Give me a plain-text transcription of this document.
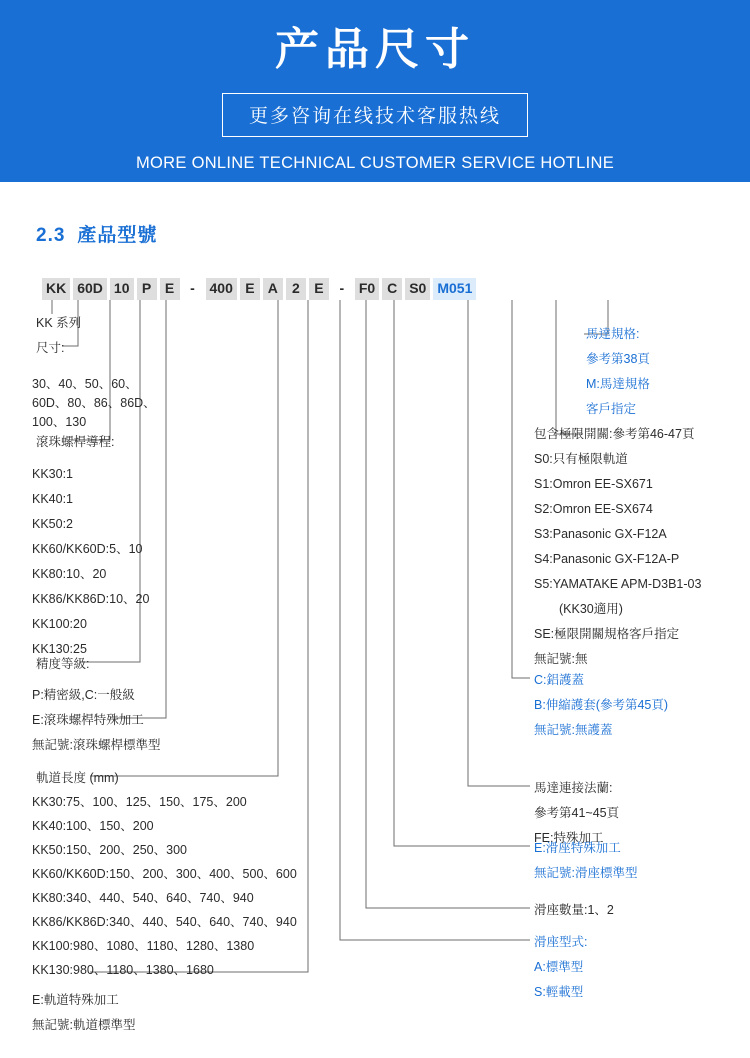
产品尺寸
更多咨询在线技术客服热线
MORE ONLINE TECHNICAL CUSTOMER SERVICE HOTLINE
2.3 產品型號
KK 60D 10 P E	-	400 E A	2	E	-	F0 C S0 M051
KK 系列
尺寸:
30、40、50、60、
60D、80、86、86D、
100、130
滾珠螺桿導程:
KK30:1
KK40:1
KK50:2
KK60/KK60D:5、10
KK80:10、20
KK86/KK86D:10、20
KK100:20
KK130:25
精度等級:
P:精密級,C:一般級
E:滾珠螺桿特殊加工
無記號:滾珠螺桿標準型
軌道長度 (mm)
KK30:75、100、125、150、175、200
KK40:100、150、200
KK50:150、200、250、300
KK60/KK60D:150、200、300、400、500、600
KK80:340、440、540、640、740、940
KK86/KK86D:340、440、540、640、740、940
KK100:980、1080、1180、1280、1380
KK130:980、1180、1380、1680
E:軌道特殊加工
無記號:軌道標準型
馬達規格:
參考第38頁
M:馬達規格
客戶指定
包含極限開關:參考第46-47頁
S0:只有極限軌道
S1:Omron EE-SX671
S2:Omron EE-SX674
S3:Panasonic GX-F12A
S4:Panasonic GX-F12A-P
S5:YAMATAKE APM-D3B1-03
　　(KK30適用)
SE:極限開關規格客戶指定
無記號:無
C:鋁護蓋
B:伸縮護套(參考第45頁)
無記號:無護蓋
馬達連接法蘭:
參考第41~45頁
FE:特殊加工
E:滑座特殊加工
無記號:滑座標準型
滑座數量:1、2
滑座型式:
A:標準型
S:輕載型
